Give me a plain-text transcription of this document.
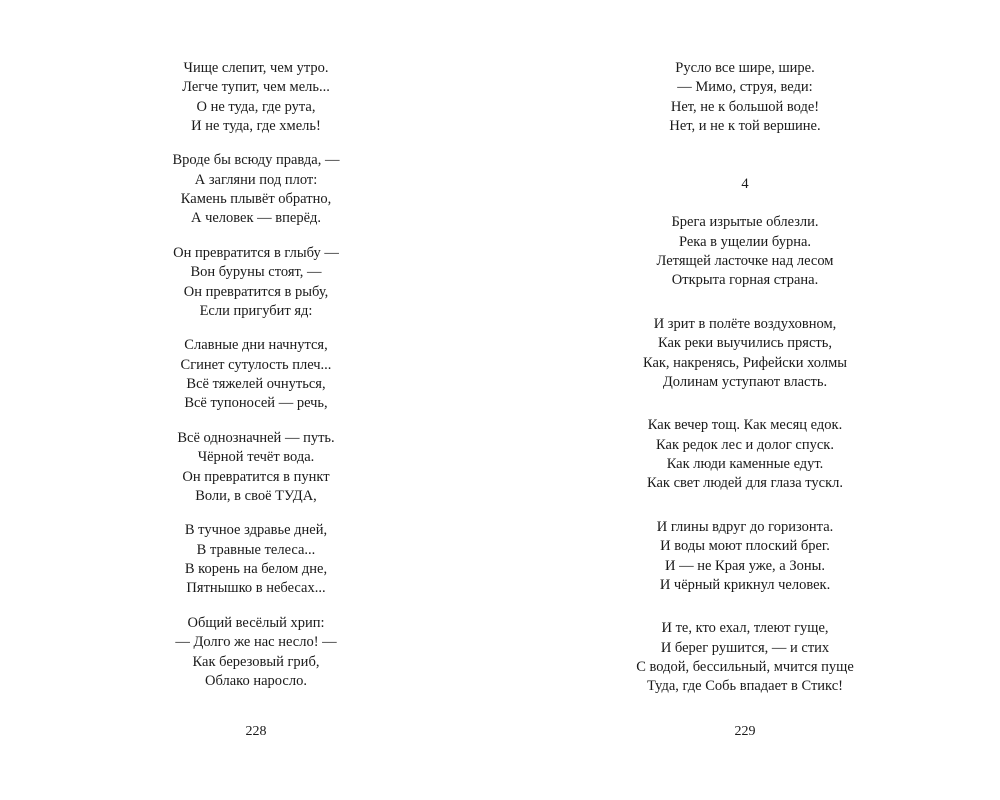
Чище слепит, чем утро.
Легче тупит, чем мель...
О не туда, где рута,
И не туда, где хмель!
Вроде бы всюду правда, —
А загляни под плот:
Камень плывёт обратно,
А человек — вперёд.
Он превратится в глыбу —
Вон буруны стоят, —
Он превратится в рыбу,
Если пригубит яд:
Славные дни начнутся,
Сгинет сутулость плеч...
Всё тяжелей очнуться,
Всё тупоносей — речь,
Всё однозначней — путь.
Чёрной течёт вода.
Он превратится в пункт
Воли, в своё ТУДА,
В тучное здравье дней,
В травные телеса...
В корень на белом дне,
Пятнышко в небесах...
Общий весёлый хрип:
— Долго же нас несло! —
Как березовый гриб,
Облако наросло.
228
Русло все шире, шире.
— Мимо, струя, веди:
Нет, не к большой воде!
Нет, и не к той вершине.
4
Брега изрытые облезли.
Река в ущелии бурна.
Летящей ласточке над лесом
Открыта горная страна.
И зрит в полёте воздуховном,
Как реки выучились прясть,
Как, накренясь, Рифейски холмы
Долинам уступают власть.
Как вечер тощ. Как месяц едок.
Как редок лес и долог спуск.
Как люди каменные едут.
Как свет людей для глаза тускл.
И глины вдруг до горизонта.
И воды моют плоский брег.
И — не Края уже, а Зоны.
И чёрный крикнул человек.
И те, кто ехал, тлеют гуще,
И берег рушится, — и стих
С водой, бессильный, мчится пуще
Туда, где Собь впадает в Стикс!
229
